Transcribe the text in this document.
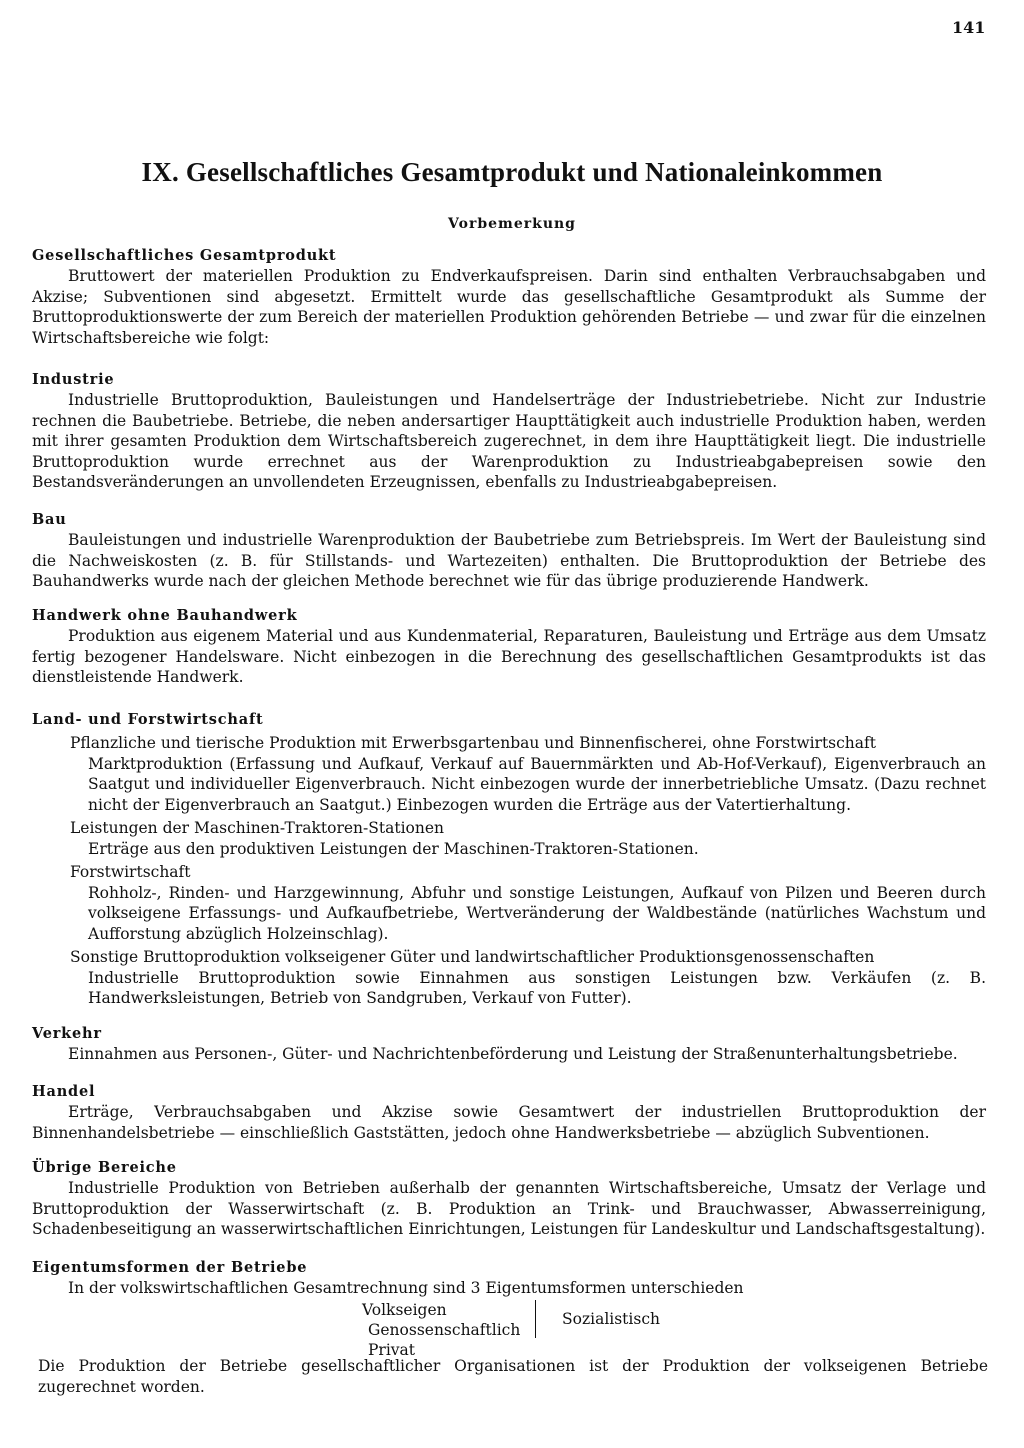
141
IX. Gesellschaftliches Gesamtprodukt und Nationaleinkommen
Vorbemerkung
Gesellschaftliches Gesamtprodukt

Bruttowert der materiellen Produktion zu Endverkaufspreisen. Darin sind enthalten Verbrauchsabgaben und Akzise; Subventionen sind abgesetzt. Ermittelt wurde das gesellschaftliche Gesamtprodukt als Summe der Bruttoproduktionswerte der zum Bereich der materiellen Produktion gehörenden Betriebe — und zwar für die einzelnen Wirtschaftsbereiche wie folgt:

Industrie

Industrielle Bruttoproduktion, Bauleistungen und Handelserträge der Industriebetriebe. Nicht zur Industrie rechnen die Baubetriebe. Betriebe, die neben andersartiger Haupttätigkeit auch industrielle Produktion haben, werden mit ihrer gesamten Produktion dem Wirtschaftsbereich zugerechnet, in dem ihre Haupttätigkeit liegt. Die industrielle Bruttoproduktion wurde errechnet aus der Warenproduktion zu Industrieabgabepreisen sowie den Bestandsveränderungen an unvollendeten Erzeugnissen, ebenfalls zu Industrieabgabepreisen.

Bau

Bauleistungen und industrielle Warenproduktion der Baubetriebe zum Betriebspreis. Im Wert der Bauleistung sind die Nachweiskosten (z. B. für Stillstands- und Wartezeiten) enthalten. Die Bruttoproduktion der Betriebe des Bauhandwerks wurde nach der gleichen Methode berechnet wie für das übrige produzierende Handwerk.

Handwerk ohne Bauhandwerk

Produktion aus eigenem Material und aus Kundenmaterial, Reparaturen, Bauleistung und Erträge aus dem Umsatz fertig bezogener Handelsware. Nicht einbezogen in die Berechnung des gesellschaftlichen Gesamtprodukts ist das dienstleistende Handwerk.

Land- und Forstwirtschaft
Pflanzliche und tierische Produktion mit Erwerbsgartenbau und Binnenfischerei, ohne Forstwirtschaft
Marktproduktion (Erfassung und Aufkauf, Verkauf auf Bauernmärkten und Ab-Hof-Verkauf), Eigenverbrauch an Saatgut und individueller Eigenverbrauch. Nicht einbezogen wurde der innerbetriebliche Umsatz. (Dazu rechnet nicht der Eigenverbrauch an Saatgut.) Einbezogen wurden die Erträge aus der Vatertierhaltung.
Leistungen der Maschinen-Traktoren-Stationen
Erträge aus den produktiven Leistungen der Maschinen-Traktoren-Stationen.
Forstwirtschaft
Rohholz-, Rinden- und Harzgewinnung, Abfuhr und sonstige Leistungen, Aufkauf von Pilzen und Beeren durch volkseigene Erfassungs- und Aufkaufbetriebe, Wertveränderung der Waldbestände (natürliches Wachstum und Aufforstung abzüglich Holzeinschlag).
Sonstige Bruttoproduktion volkseigener Güter und landwirtschaftlicher Produktionsgenossenschaften
Industrielle Bruttoproduktion sowie Einnahmen aus sonstigen Leistungen bzw. Verkäufen (z. B. Handwerksleistungen, Betrieb von Sandgruben, Verkauf von Futter).
Verkehr

Einnahmen aus Personen-, Güter- und Nachrichtenbeförderung und Leistung der Straßenunterhaltungsbetriebe.

Handel

Erträge, Verbrauchsabgaben und Akzise sowie Gesamtwert der industriellen Bruttoproduktion der Binnenhandelsbetriebe — einschließlich Gaststätten, jedoch ohne Handwerksbetriebe — abzüglich Subventionen.

Übrige Bereiche

Industrielle Produktion von Betrieben außerhalb der genannten Wirtschaftsbereiche, Umsatz der Verlage und Bruttoproduktion der Wasserwirtschaft (z. B. Produktion an Trink- und Brauchwasser, Abwasserreinigung, Schadenbeseitigung an wasserwirtschaftlichen Einrichtungen, Leistungen für Landeskultur und Landschaftsgestaltung).

Eigentumsformen der Betriebe

In der volkswirtschaftlichen Gesamtrechnung sind 3 Eigentumsformen unterschieden

Volkseigen
Genossenschaftlich
Privat
Sozialistisch

Die Produktion der Betriebe gesellschaftlicher Organisationen ist der Produktion der volkseigenen Betriebe zugerechnet worden.
